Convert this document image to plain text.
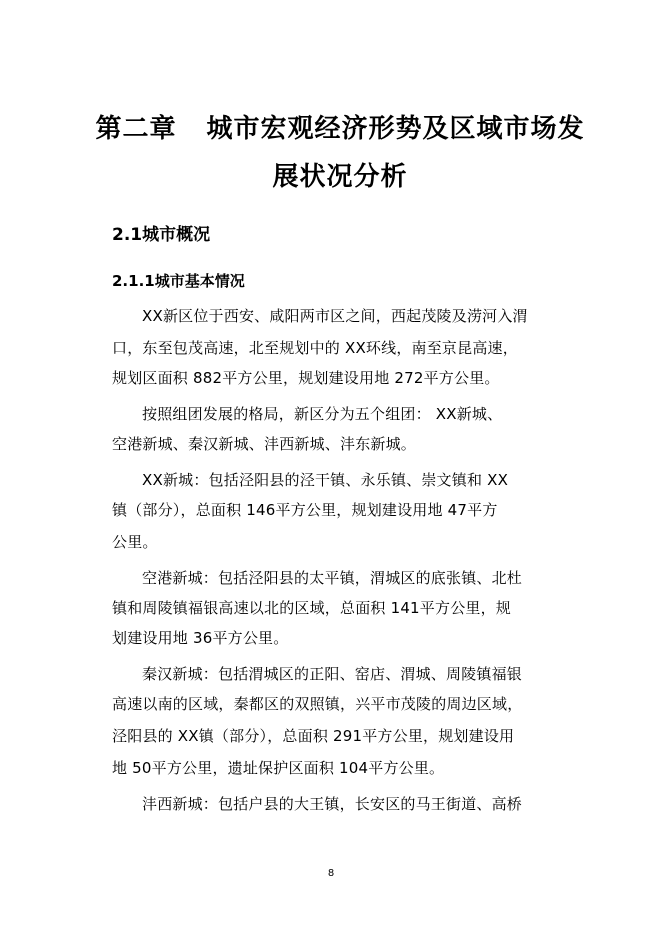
第二章 城市宏观经济形势及区域市场发
展状况分析
2.1城市概况
2.1.1城市基本情况
XX新区位于西安、咸阳两市区之间，西起茂陵及涝河入渭
口，东至包茂高速，北至规划中的 XX环线，南至京昆高速，
规划区面积 882平方公里，规划建设用地 272平方公里。
按照组团发展的格局，新区分为五个组团： XX新城、
空港新城、秦汉新城、沣西新城、沣东新城。
XX新城：包括泾阳县的泾干镇、永乐镇、崇文镇和 XX
镇（部分），总面积 146平方公里，规划建设用地 47平方
公里。
空港新城：包括泾阳县的太平镇，渭城区的底张镇、北杜
镇和周陵镇福银高速以北的区域，总面积 141平方公里，规
划建设用地 36平方公里。
秦汉新城：包括渭城区的正阳、窑店、渭城、周陵镇福银
高速以南的区域，秦都区的双照镇，兴平市茂陵的周边区域，
泾阳县的 XX镇（部分），总面积 291平方公里，规划建设用
地 50平方公里，遗址保护区面积 104平方公里。
沣西新城：包括户县的大王镇，长安区的马王街道、高桥
8
